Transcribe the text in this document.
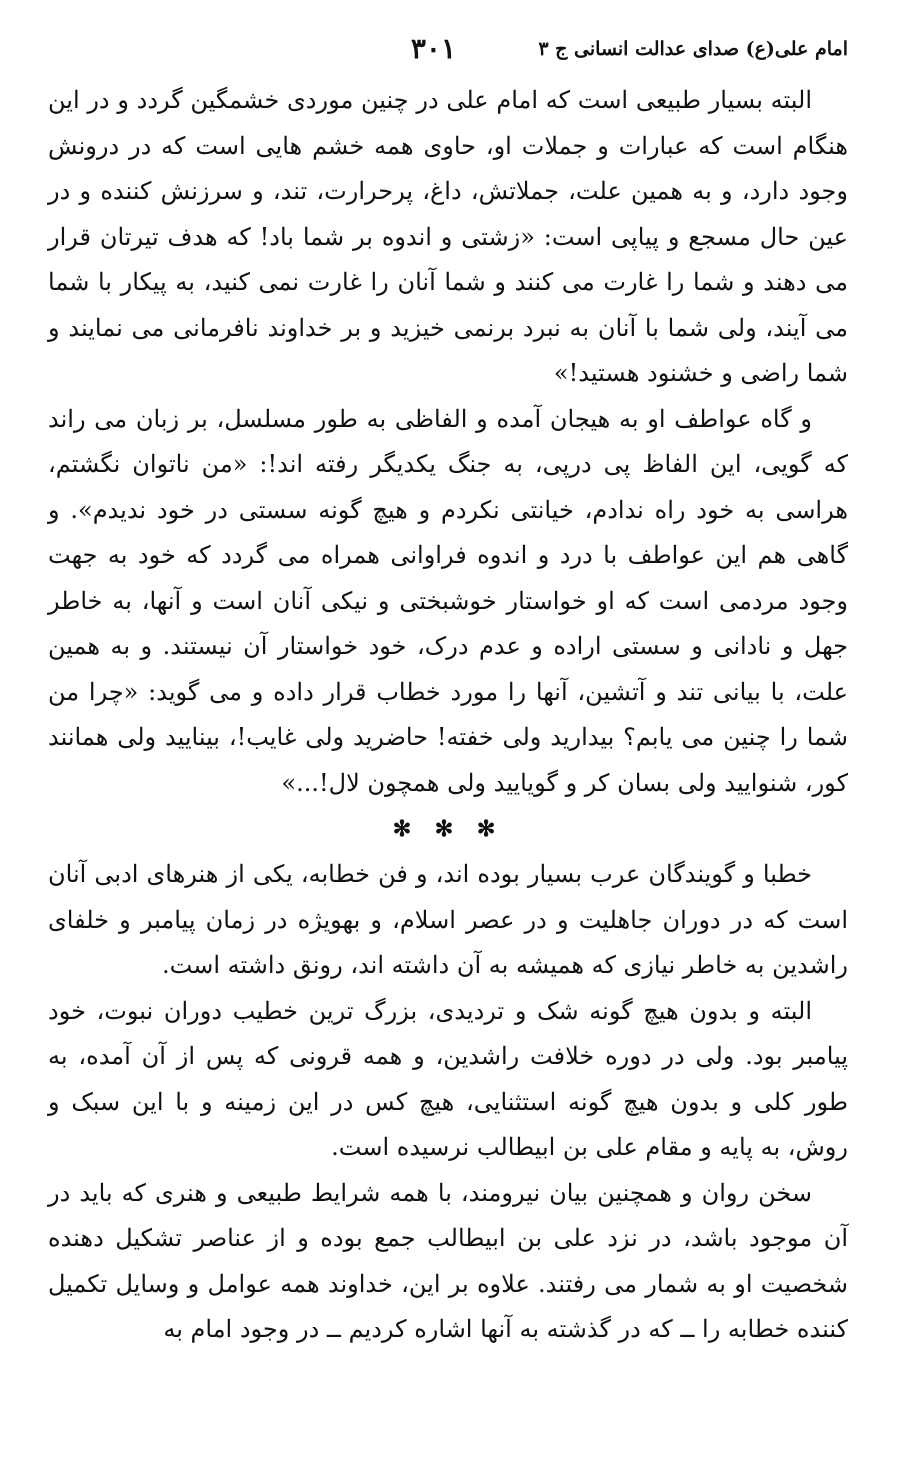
امام علی(ع) صدای عدالت انسانی ج ۳
۳۰۱

البته بسیار طبیعی است که امام علی در چنین موردی خشمگین گردد و در این هنگام است که عبارات و جملات او، حاوی همه خشم هایی است که در درونش وجود دارد، و به همین علت، جملاتش، داغ، پرحرارت، تند، و سرزنش کننده و در عین حال مسجع و پیاپی است: «زشتی و اندوه بر شما باد! که هدف تیرتان قرار می دهند و شما را غارت می کنند و شما آنان را غارت نمی کنید، به پیکار با شما می آیند، ولی شما با آنان به نبرد برنمی خیزید و بر خداوند نافرمانی می نمایند و شما راضی و خشنود هستید!»

و گاه عواطف او به هیجان آمده و الفاظی به طور مسلسل، بر زبان می راند که گویی، این الفاظ پی درپی، به جنگ یکدیگر رفته اند!: «من ناتوان نگشتم، هراسی به خود راه ندادم، خیانتی نکردم و هیچ گونه سستی در خود ندیدم». و گاهی هم این عواطف با درد و اندوه فراوانی همراه می گردد که خود به جهت وجود مردمی است که او خواستار خوشبختی و نیکی آنان است و آنها، به خاطر جهل و نادانی و سستی اراده و عدم درک، خود خواستار آن نیستند. و به همین علت، با بیانی تند و آتشین، آنها را مورد خطاب قرار داده و می گوید: «چرا من شما را چنین می یابم؟ بیدارید ولی خفته! حاضرید ولی غایب!، بینایید ولی همانند کور، شنوایید ولی بسان کر و گویایید ولی همچون لال!...»

✻ ✻ ✻

خطبا و گویندگان عرب بسیار بوده اند، و فن خطابه، یکی از هنرهای ادبی آنان است که در دوران جاهلیت و در عصر اسلام، و بهویژه در زمان پیامبر و خلفای راشدین به خاطر نیازی که همیشه به آن داشته اند، رونق داشته است.

البته و بدون هیچ گونه شک و تردیدی، بزرگ ترین خطیب دوران نبوت، خود پیامبر بود. ولی در دوره خلافت راشدین، و همه قرونی که پس از آن آمده، به طور کلی و بدون هیچ گونه استثنایی، هیچ کس در این زمینه و با این سبک و روش، به پایه و مقام علی بن ابیطالب نرسیده است.

سخن روان و همچنین بیان نیرومند، با همه شرایط طبیعی و هنری که باید در آن موجود باشد، در نزد علی بن ابیطالب جمع بوده و از عناصر تشکیل دهنده شخصیت او به شمار می رفتند. علاوه بر این، خداوند همه عوامل و وسایل تکمیل کننده خطابه را ــ که در گذشته به آنها اشاره کردیم ــ در وجود امام به
